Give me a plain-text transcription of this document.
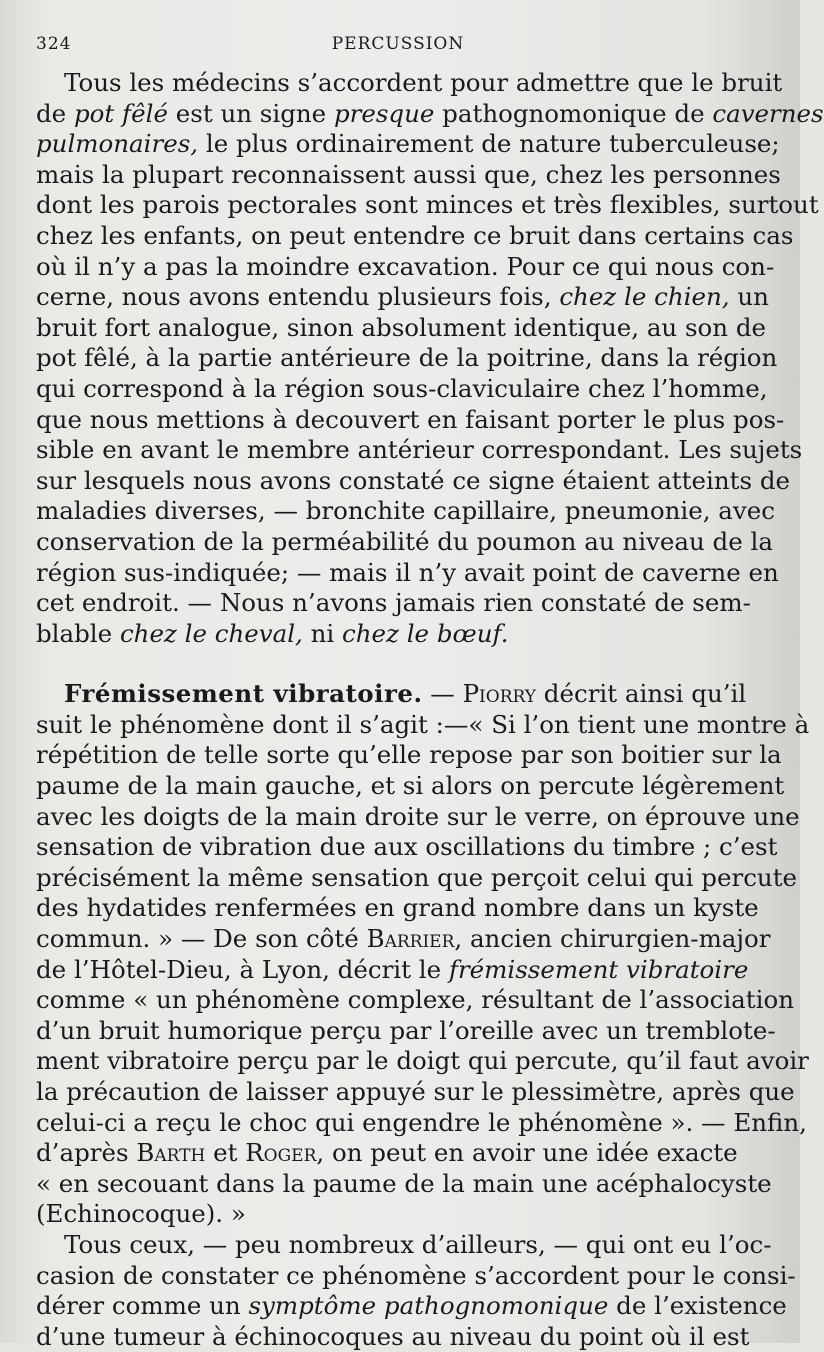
324	PERCUSSION
Tous les médecins s’accordent pour admettre que le bruit
de pot fêlé est un signe presque pathognomonique de cavernes
pulmonaires, le plus ordinairement de nature tuberculeuse;
mais la plupart reconnaissent aussi que, chez les personnes
dont les parois pectorales sont minces et très flexibles, surtout
chez les enfants, on peut entendre ce bruit dans certains cas
où il n’y a pas la moindre excavation. Pour ce qui nous con-
cerne, nous avons entendu plusieurs fois, chez le chien, un
bruit fort analogue, sinon absolument identique, au son de
pot fêlé, à la partie antérieure de la poitrine, dans la région
qui correspond à la région sous-claviculaire chez l’homme,
que nous mettions à decouvert en faisant porter le plus pos-
sible en avant le membre antérieur correspondant. Les sujets
sur lesquels nous avons constaté ce signe étaient atteints de
maladies diverses, — bronchite capillaire, pneumonie, avec
conservation de la perméabilité du poumon au niveau de la
région sus-indiquée; — mais il n’y avait point de caverne en
cet endroit. — Nous n’avons jamais rien constaté de sem-
blable chez le cheval, ni chez le bœuf.
Frémissement vibratoire. — Piorry décrit ainsi qu’il
suit le phénomène dont il s’agit :—« Si l’on tient une montre à
répétition de telle sorte qu’elle repose par son boitier sur la
paume de la main gauche, et si alors on percute légèrement
avec les doigts de la main droite sur le verre, on éprouve une
sensation de vibration due aux oscillations du timbre ; c’est
précisément la même sensation que perçoit celui qui percute
des hydatides renfermées en grand nombre dans un kyste
commun. » — De son côté Barrier, ancien chirurgien-major
de l’Hôtel-Dieu, à Lyon, décrit le frémissement vibratoire
comme « un phénomène complexe, résultant de l’association
d’un bruit humorique perçu par l’oreille avec un tremblote-
ment vibratoire perçu par le doigt qui percute, qu’il faut avoir
la précaution de laisser appuyé sur le plessimètre, après que
celui-ci a reçu le choc qui engendre le phénomène ». — Enfin,
d’après Barth et Roger, on peut en avoir une idée exacte
« en secouant dans la paume de la main une acéphalocyste
(Echinocoque). »
Tous ceux, — peu nombreux d’ailleurs, — qui ont eu l’oc-
casion de constater ce phénomène s’accordent pour le consi-
dérer comme un symptôme pathognomonique de l’existence
d’une tumeur à échinocoques au niveau du point où il est
